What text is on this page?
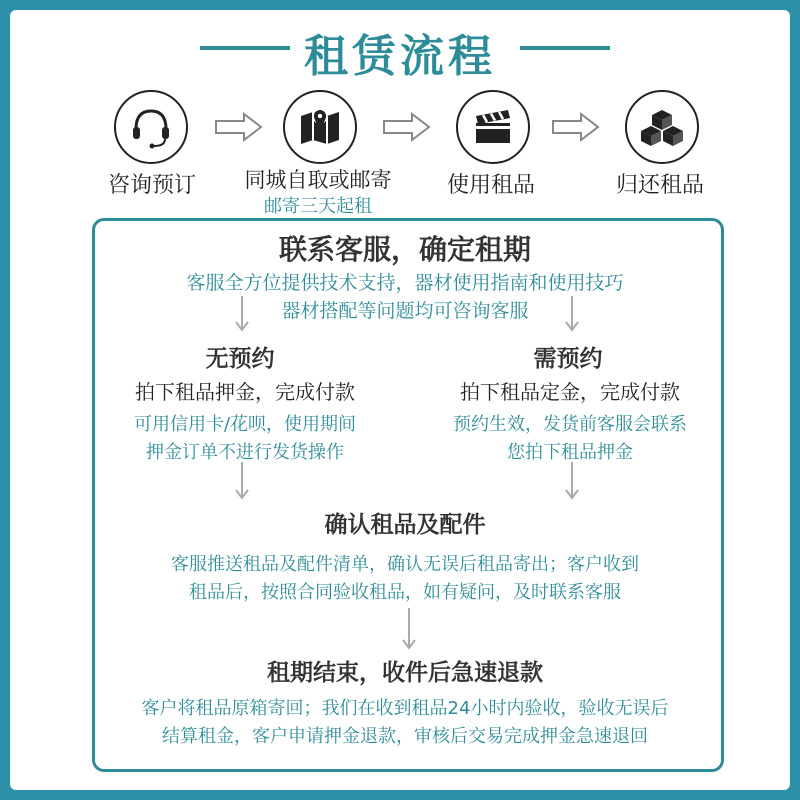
租赁流程
咨询预订	同城自取或邮寄
邮寄三天起租
使用租品	归还租品
联系客服，确定租期
客服全方位提供技术支持，器材使用指南和使用技巧
器材搭配等问题均可咨询客服
无预约
拍下租品押金，完成付款
可用信用卡/花呗，使用期间
押金订单不进行发货操作
需预约
拍下租品定金，完成付款
预约生效，发货前客服会联系
您拍下租品押金
确认租品及配件
客服推送租品及配件清单，确认无误后租品寄出；客户收到
租品后，按照合同验收租品，如有疑问，及时联系客服
租期结束，收件后急速退款
客户将租品原箱寄回；我们在收到租品24小时内验收，验收无误后
结算租金，客户申请押金退款，审核后交易完成押金急速退回
